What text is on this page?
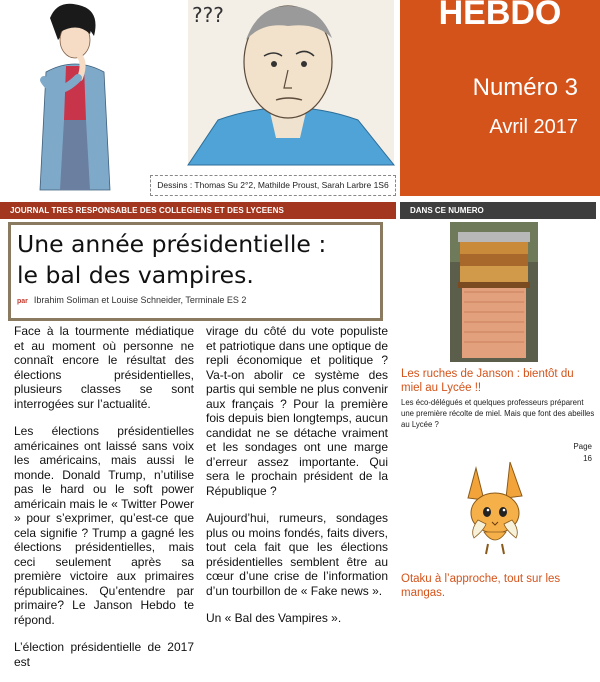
???
Dessins : Thomas Su 2°2, Mathilde Proust, Sarah Larbre 1S6
HEBDO
Numéro 3
Avril 2017
JOURNAL TRES RESPONSABLE DES COLLEGIENS ET DES LYCEENS	DANS CE NUMERO
Une année présidentielle :
le bal des vampires.
par Ibrahim Soliman et Louise Schneider, Terminale ES 2

Face à la tourmente médiatique et au moment où personne ne connaît encore le résultat des élections présidentielles, plusieurs classes se sont interrogées sur l’actualité.

Les élections présidentielles américaines ont laissé sans voix les américains, mais aussi le monde. Donald Trump, n’utilise pas le hard ou le soft power américain mais le « Twitter Power » pour s’exprimer, qu’est-ce que cela signifie ? Trump a gagné les élections présidentielles, mais ceci seulement après sa première victoire aux primaires républicaines. Qu’entendre par primaire? Le Janson Hebdo te répond.

L’élection présidentielle de 2017 est

virage du côté du vote populiste et patriotique dans une optique de repli économique et politique ? Va-t-on abolir ce système des partis qui semble ne plus convenir aux français ? Pour la première fois depuis bien longtemps, aucun candidat ne se détache vraiment et les sondages ont une marge d’erreur assez importante. Qui sera le prochain président de la République ?

Aujourd’hui, rumeurs, sondages plus ou moins fondés, faits divers, tout cela fait que les élections présidentielles semblent être au cœur d’une crise de l’information d’un tourbillon de « Fake news ».

Un « Bal des Vampires ».

Les ruches de Janson : bientôt du miel au Lycée !!
Les éco-délégués et quelques professeurs préparent une première récolte de miel. Mais que font des abeilles au Lycée ?
Page
16
Otaku à l’approche, tout sur les mangas.
